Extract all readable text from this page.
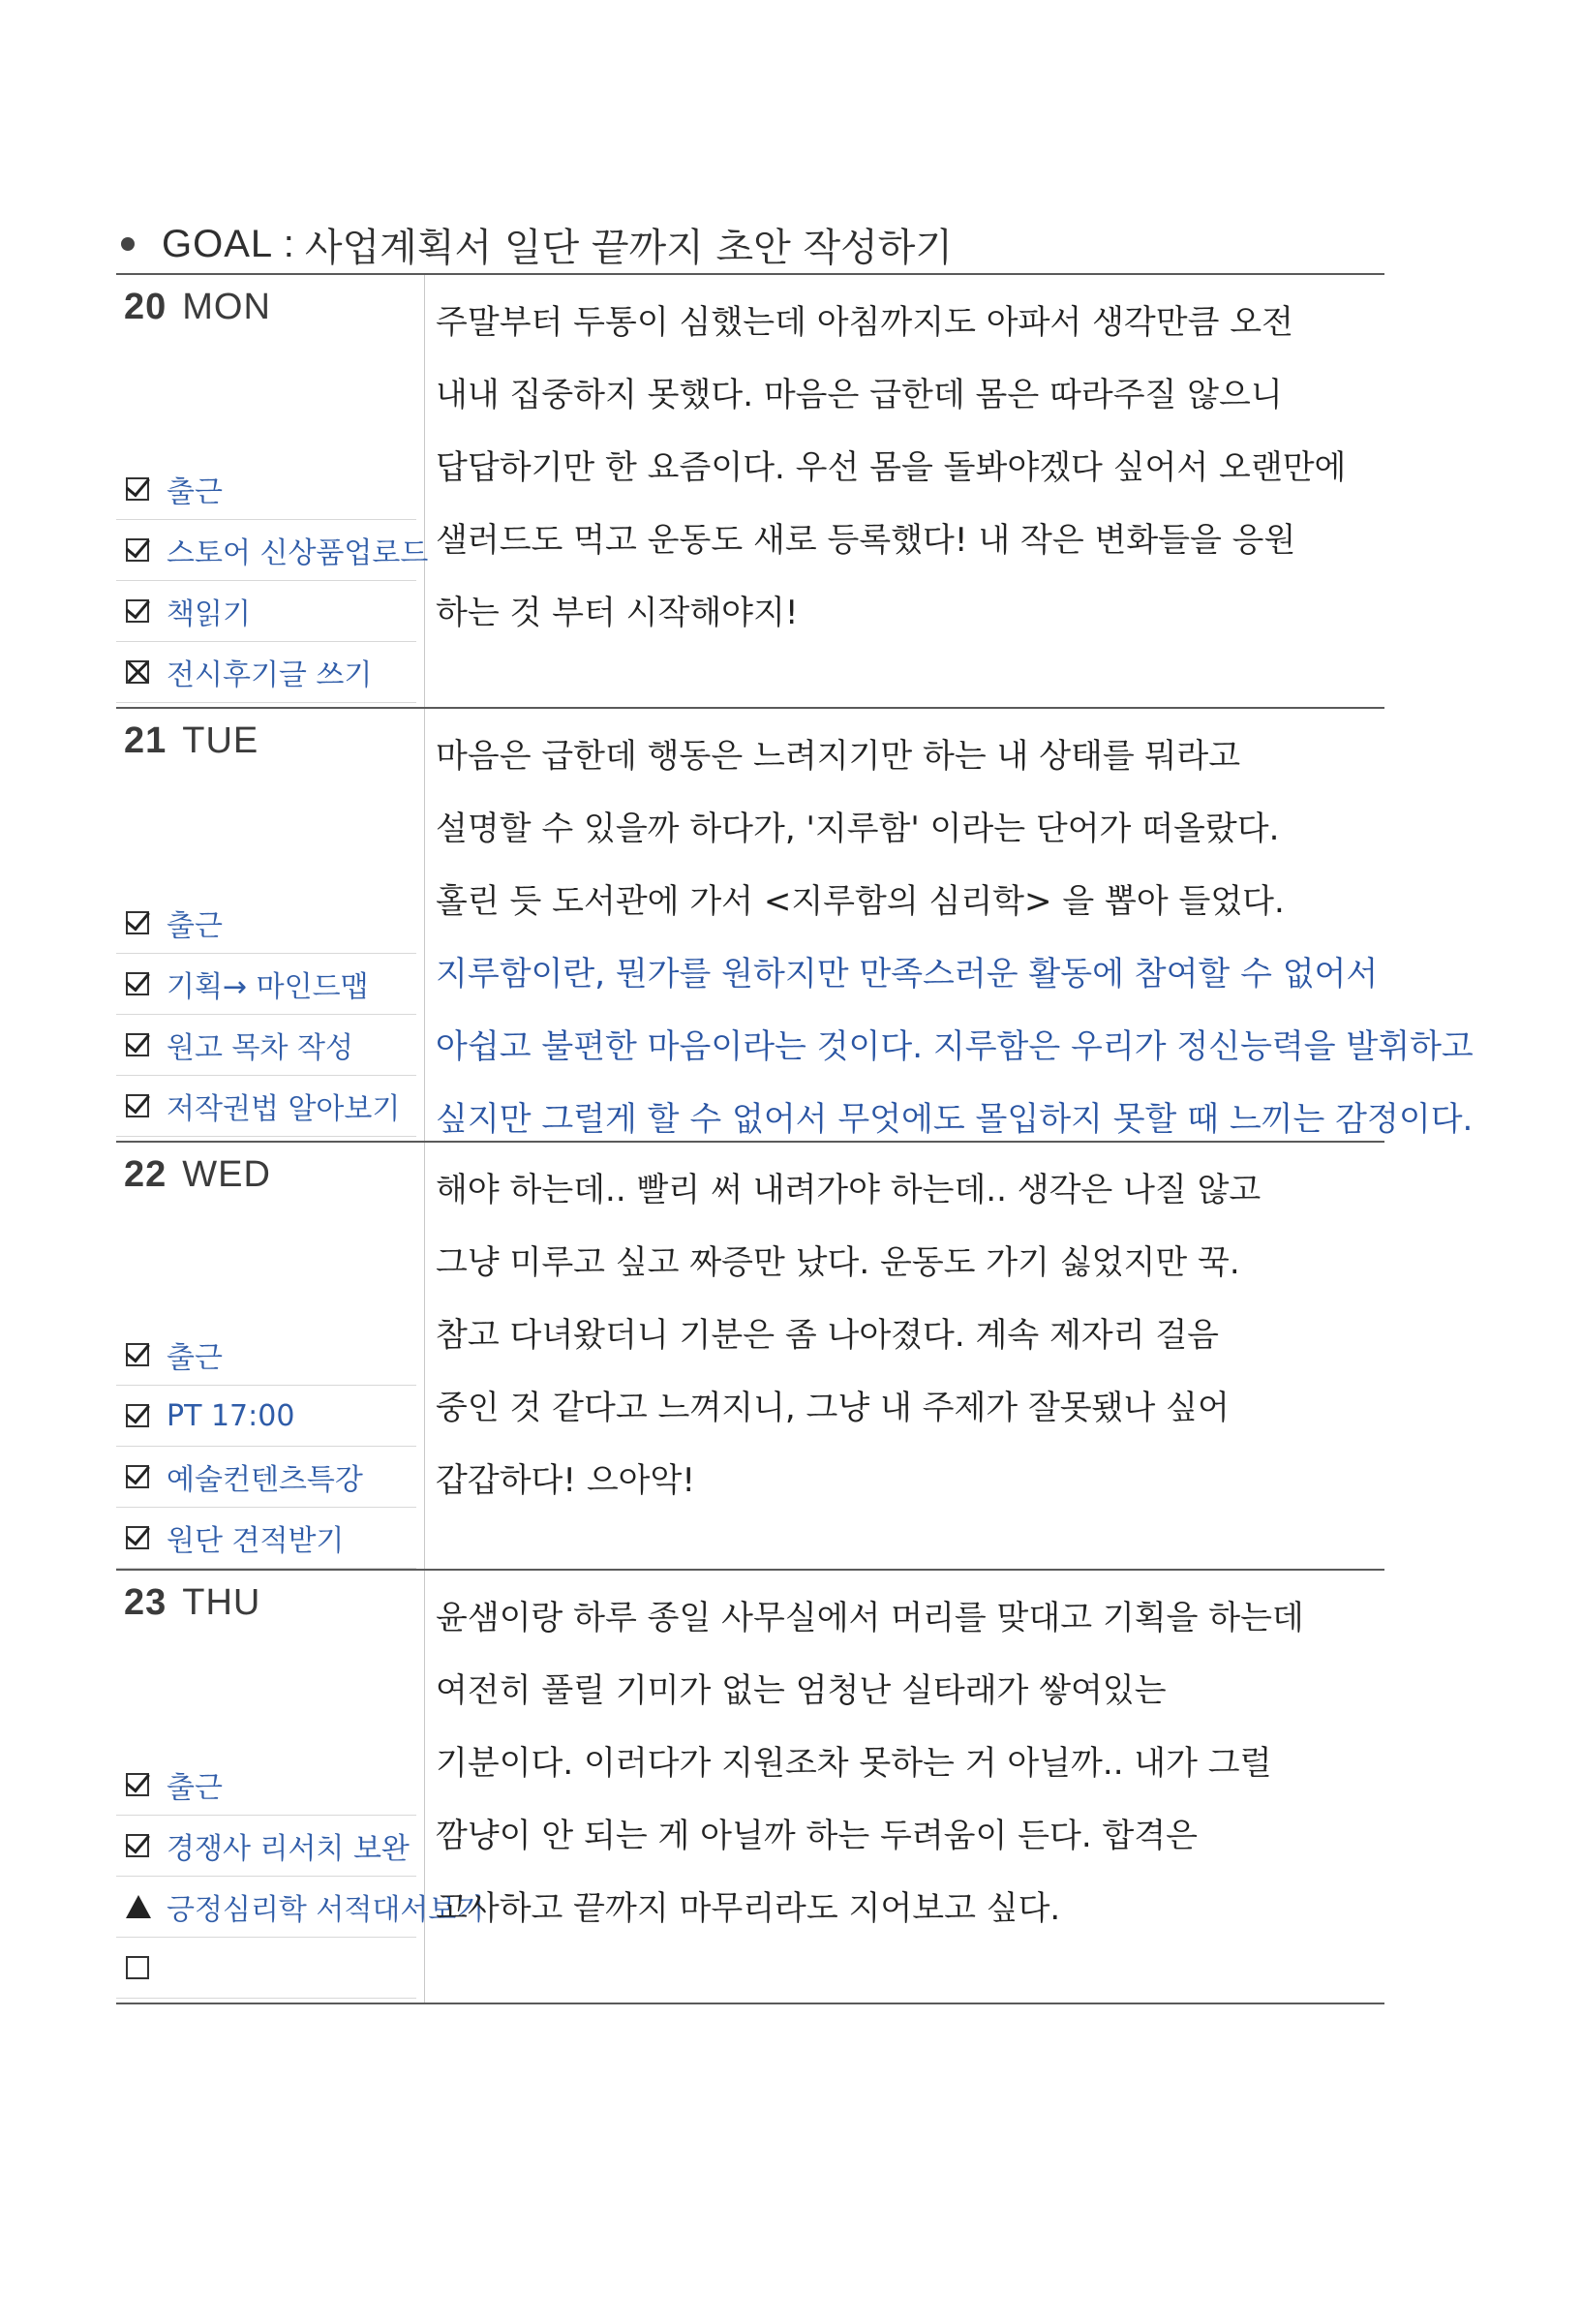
GOAL : 사업계획서 일단 끝까지 초안 작성하기
20 MON
출근
스토어 신상품업로드
책읽기
전시후기글 쓰기
주말부터 두통이 심했는데 아침까지도 아파서 생각만큼 오전
내내 집중하지 못했다. 마음은 급한데 몸은 따라주질 않으니
답답하기만 한 요즘이다. 우선 몸을 돌봐야겠다 싶어서 오랜만에
샐러드도 먹고 운동도 새로 등록했다! 내 작은 변화들을 응원
하는 것 부터 시작해야지!
21 TUE
출근
기획→ 마인드맵
원고 목차 작성
저작권법 알아보기
마음은 급한데 행동은 느려지기만 하는 내 상태를 뭐라고
설명할 수 있을까 하다가, '지루함' 이라는 단어가 떠올랐다.
홀린 듯 도서관에 가서 <지루함의 심리학> 을 뽑아 들었다.
지루함이란, 뭔가를 원하지만 만족스러운 활동에 참여할 수 없어서
아쉽고 불편한 마음이라는 것이다. 지루함은 우리가 정신능력을 발휘하고
싶지만 그럴게 할 수 없어서 무엇에도 몰입하지 못할 때 느끼는 감정이다.
22 WED
출근
PT 17:00
예술컨텐츠특강
원단 견적받기
해야 하는데.. 빨리 써 내려가야 하는데.. 생각은 나질 않고
그냥 미루고 싶고 짜증만 났다. 운동도 가기 싫었지만 꾹.
참고 다녀왔더니 기분은 좀 나아졌다. 계속 제자리 걸음
중인 것 같다고 느껴지니, 그냥 내 주제가 잘못됐나 싶어
갑갑하다! 으아악!
23 THU
출근
경쟁사 리서치 보완
긍정심리학 서적대서보기
윤샘이랑 하루 종일 사무실에서 머리를 맞대고 기획을 하는데
여전히 풀릴 기미가 없는 엄청난 실타래가 쌓여있는
기분이다. 이러다가 지원조차 못하는 거 아닐까.. 내가 그럴
깜냥이 안 되는 게 아닐까 하는 두려움이 든다. 합격은
고사하고 끝까지 마무리라도 지어보고 싶다.
